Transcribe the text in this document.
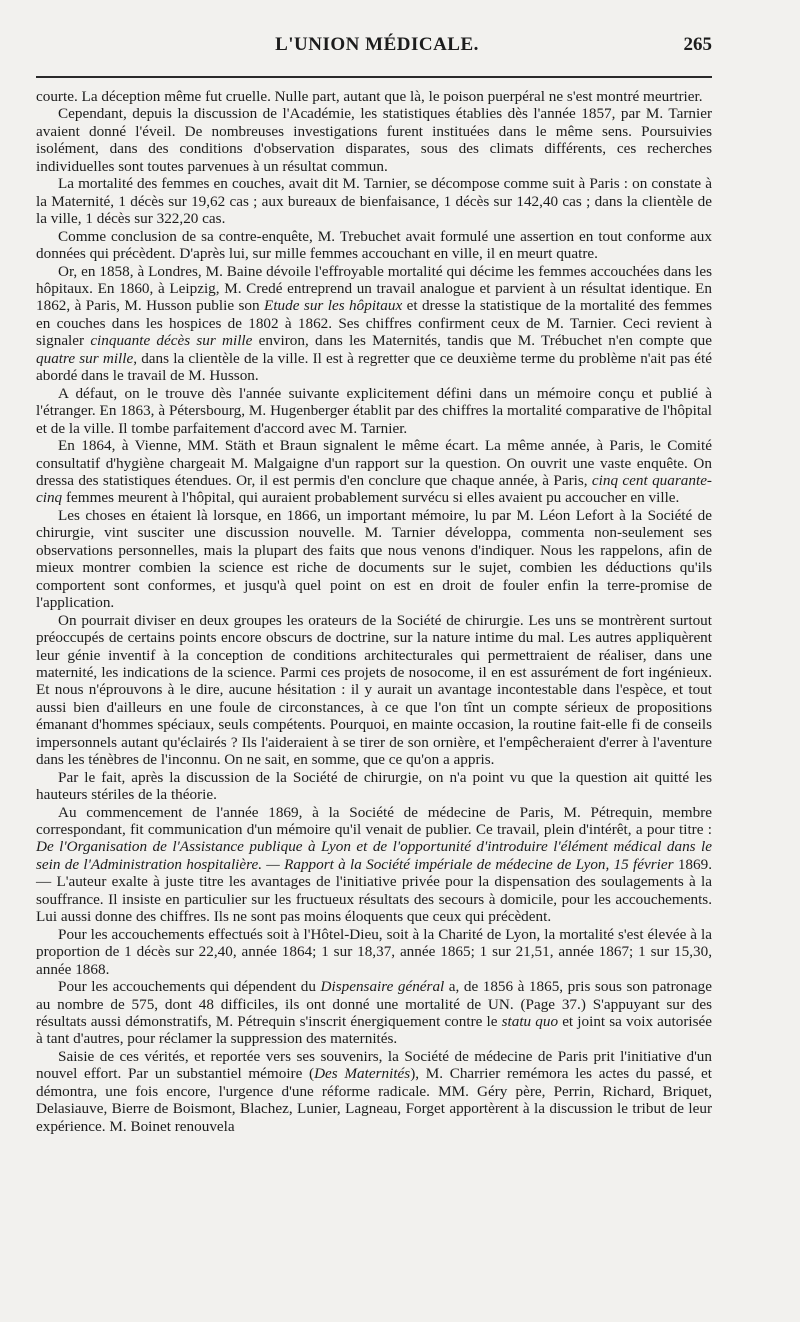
L'UNION MÉDICALE.	265

courte. La déception même fut cruelle. Nulle part, autant que là, le poison puerpéral ne s'est montré meurtrier.

Cependant, depuis la discussion de l'Académie, les statistiques établies dès l'année 1857, par M. Tarnier avaient donné l'éveil. De nombreuses investigations furent instituées dans le même sens. Poursuivies isolément, dans des conditions d'observation disparates, sous des climats différents, ces recherches individuelles sont toutes parvenues à un résultat commun.

La mortalité des femmes en couches, avait dit M. Tarnier, se décompose comme suit à Paris : on constate à la Maternité, 1 décès sur 19,62 cas ; aux bureaux de bienfaisance, 1 décès sur 142,40 cas ; dans la clientèle de la ville, 1 décès sur 322,20 cas.

Comme conclusion de sa contre-enquête, M. Trebuchet avait formulé une assertion en tout conforme aux données qui précèdent. D'après lui, sur mille femmes accouchant en ville, il en meurt quatre.

Or, en 1858, à Londres, M. Baine dévoile l'effroyable mortalité qui décime les femmes accouchées dans les hôpitaux. En 1860, à Leipzig, M. Credé entreprend un travail analogue et parvient à un résultat identique. En 1862, à Paris, M. Husson publie son Etude sur les hôpitaux et dresse la statistique de la mortalité des femmes en couches dans les hospices de 1802 à 1862. Ses chiffres confirment ceux de M. Tarnier. Ceci revient à signaler cinquante décès sur mille environ, dans les Maternités, tandis que M. Trébuchet n'en compte que quatre sur mille, dans la clientèle de la ville. Il est à regretter que ce deuxième terme du problème n'ait pas été abordé dans le travail de M. Husson.

A défaut, on le trouve dès l'année suivante explicitement défini dans un mémoire conçu et publié à l'étranger. En 1863, à Pétersbourg, M. Hugenberger établit par des chiffres la mortalité comparative de l'hôpital et de la ville. Il tombe parfaitement d'accord avec M. Tarnier.

En 1864, à Vienne, MM. Stäth et Braun signalent le même écart. La même année, à Paris, le Comité consultatif d'hygiène chargeait M. Malgaigne d'un rapport sur la question. On ouvrit une vaste enquête. On dressa des statistiques étendues. Or, il est permis d'en conclure que chaque année, à Paris, cinq cent quarante-cinq femmes meurent à l'hôpital, qui auraient probablement survécu si elles avaient pu accoucher en ville.

Les choses en étaient là lorsque, en 1866, un important mémoire, lu par M. Léon Lefort à la Société de chirurgie, vint susciter une discussion nouvelle. M. Tarnier développa, commenta non-seulement ses observations personnelles, mais la plupart des faits que nous venons d'indiquer. Nous les rappelons, afin de mieux montrer combien la science est riche de documents sur le sujet, combien les déductions qu'ils comportent sont conformes, et jusqu'à quel point on est en droit de fouler enfin la terre-promise de l'application.

On pourrait diviser en deux groupes les orateurs de la Société de chirurgie. Les uns se montrèrent surtout préoccupés de certains points encore obscurs de doctrine, sur la nature intime du mal. Les autres appliquèrent leur génie inventif à la conception de conditions architecturales qui permettraient de réaliser, dans une maternité, les indications de la science. Parmi ces projets de nosocome, il en est assurément de fort ingénieux. Et nous n'éprouvons à le dire, aucune hésitation : il y aurait un avantage incontestable dans l'espèce, et tout aussi bien d'ailleurs en une foule de circonstances, à ce que l'on tînt un compte sérieux de propositions émanant d'hommes spéciaux, seuls compétents. Pourquoi, en mainte occasion, la routine fait-elle fi de conseils impersonnels autant qu'éclairés ? Ils l'aideraient à se tirer de son ornière, et l'empêcheraient d'errer à l'aventure dans les ténèbres de l'inconnu. On ne sait, en somme, que ce qu'on a appris.

Par le fait, après la discussion de la Société de chirurgie, on n'a point vu que la question ait quitté les hauteurs stériles de la théorie.

Au commencement de l'année 1869, à la Société de médecine de Paris, M. Pétrequin, membre correspondant, fit communication d'un mémoire qu'il venait de publier. Ce travail, plein d'intérêt, a pour titre : De l'Organisation de l'Assistance publique à Lyon et de l'opportunité d'introduire l'élément médical dans le sein de l'Administration hospitalière. — Rapport à la Société impériale de médecine de Lyon, 15 février 1869. — L'auteur exalte à juste titre les avantages de l'initiative privée pour la dispensation des soulagements à la souffrance. Il insiste en particulier sur les fructueux résultats des secours à domicile, pour les accouchements. Lui aussi donne des chiffres. Ils ne sont pas moins éloquents que ceux qui précèdent.

Pour les accouchements effectués soit à l'Hôtel-Dieu, soit à la Charité de Lyon, la mortalité s'est élevée à la proportion de 1 décès sur 22,40, année 1864; 1 sur 18,37, année 1865; 1 sur 21,51, année 1867; 1 sur 15,30, année 1868.

Pour les accouchements qui dépendent du Dispensaire général a, de 1856 à 1865, pris sous son patronage au nombre de 575, dont 48 difficiles, ils ont donné une mortalité de UN. (Page 37.) S'appuyant sur des résultats aussi démonstratifs, M. Pétrequin s'inscrit énergiquement contre le statu quo et joint sa voix autorisée à tant d'autres, pour réclamer la suppression des maternités.

Saisie de ces vérités, et reportée vers ses souvenirs, la Société de médecine de Paris prit l'initiative d'un nouvel effort. Par un substantiel mémoire (Des Maternités), M. Charrier remémora les actes du passé, et démontra, une fois encore, l'urgence d'une réforme radicale. MM. Géry père, Perrin, Richard, Briquet, Delasiauve, Bierre de Boismont, Blachez, Lunier, Lagneau, Forget apportèrent à la discussion le tribut de leur expérience. M. Boinet renouvela
